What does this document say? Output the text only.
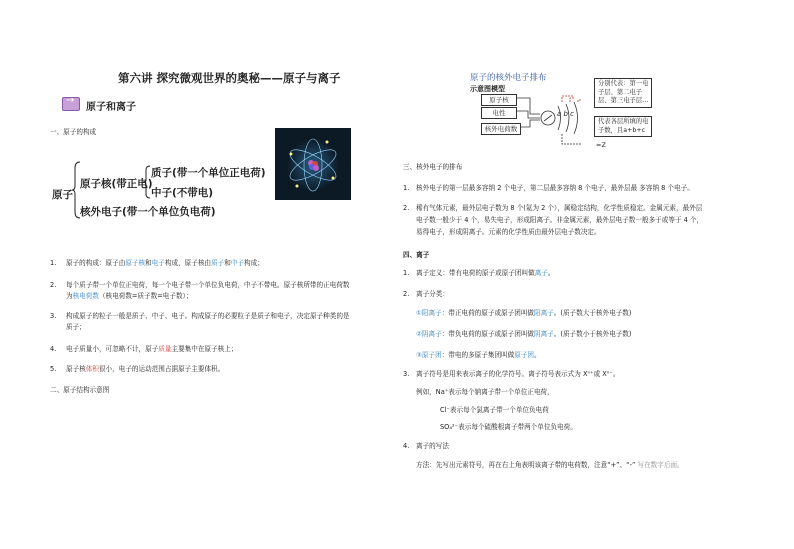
第六讲 探究微观世界的奥秘——原子与离子
→
原子和离子
一、原子的构成
原子
原子核(带正电)
质子(带一个单位正电荷)
中子(不带电)
核外电子(带一个单位负电荷)
1. 原子的构成：原子由原子核和电子构成，原子核由质子和中子构成；
2. 每个质子带一个单位正电荷，每一个电子带一个单位负电荷，中子不带电。原子核所带的正电荷数
为核电荷数（核电荷数=质子数=电子数）；
3. 构成原子的粒子一般是质子、中子、电子。构成原子的必要粒子是质子和电子，决定原子种类的是
质子；
4. 电子质量小，可忽略不计，原子质量主要集中在原子核上；
5. 原子核体积很小，电子的运动范围占据原子主要体积。
二、原子结构示意图
原子的核外电子排布
示意图模型
原子核
电性
核外电荷数
a b c
分别代表：第一电
子层、第二电子
层、第三电子层…
代表各层所填的电
子数，且a+b+c
=Z
三、核外电子的排布
1. 核外电子的第一层最多容纳 2 个电子，第二层最多容纳 8 个电子，最外层最 多容纳 8 个电子。
2. 稀有气体元素，最外层电子数为 8 个(氦为 2 个），属稳定结构，化学性质稳定。金属元素，最外层
电子数一般少于 4 个，易失电子，形成阳离子。非金属元素，最外层电子数一般多于或等于 4 个，
易得电子，形成阴离子。元素的化学性质由最外层电子数决定。
四、离子
1. 离子定义：带有电荷的原子或原子团叫做离子。
2. 离子分类：
①阳离子：带正电荷的原子或原子团叫做阳离子。(质子数大于核外电子数)
②阴离子：带负电荷的原子或原子团叫做阴离子。(质子数小于核外电子数)
③原子团：带电的多原子集团叫做原子团。
3. 离子符号是用来表示离子的化学符号。离子符号表示式为 Xⁿ⁺或 Xⁿ⁻。
例如，Na⁺表示每个钠离子带一个单位正电荷，
Cl⁻表示每个氯离子带一个单位负电荷
SO₄²⁻表示每个硫酸根离子带两个单位负电荷。
4. 离子的写法
方法：先写出元素符号，再在右上角表明该离子带的电荷数，注意“+”、“-” 写在数字后面。
